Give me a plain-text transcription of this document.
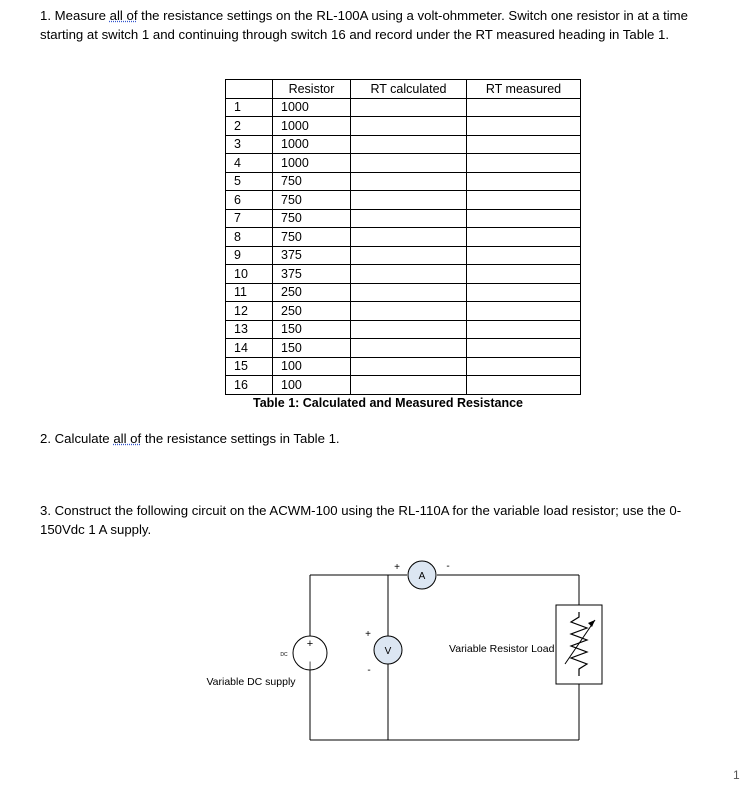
1. Measure all of the resistance settings on the RL-100A using a volt-ohmmeter. Switch one resistor in at a time starting at switch 1 and continuing through switch 16 and record under the RT measured heading in Table 1.

	Resistor	RT calculated	RT measured
1	1000		
2	1000		
3	1000		
4	1000		
5	750		
6	750		
7	750		
8	750		
9	375		
10	375		
11	250		
12	250		
13	150		
14	150		
15	100		
16	100		
Table 1: Calculated and Measured Resistance

2. Calculate all of the resistance settings in Table 1.

3. Construct the following circuit on the ACWM-100 using the RL-110A for the variable load resistor; use the 0-150Vdc 1 A supply.

A
+	-
V
+
-
+
|
DC
Variable DC supply
Variable Resistor Load
1
